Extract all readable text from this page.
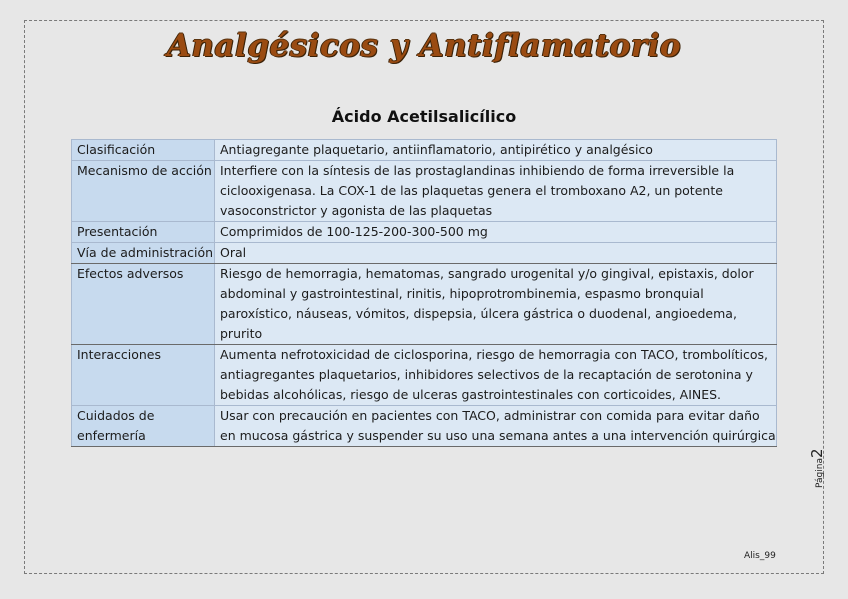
Analgésicos y Antiflamatorio
Ácido Acetilsalicílico
Clasificación	Antiagregante plaquetario, antiinflamatorio, antipirético y analgésico
Mecanismo de acción	Interfiere con la síntesis de las prostaglandinas inhibiendo de forma irreversible la ciclooxigenasa. La COX-1 de las plaquetas genera el tromboxano A2, un potente vasoconstrictor y agonista de las plaquetas
Presentación	Comprimidos de 100-125-200-300-500 mg
Vía de administración	Oral
Efectos adversos	Riesgo de hemorragia, hematomas, sangrado urogenital y/o gingival, epistaxis, dolor abdominal y gastrointestinal, rinitis, hipoprotrombinemia, espasmo bronquial paroxístico, náuseas, vómitos, dispepsia, úlcera gástrica o duodenal, angioedema, prurito
Interacciones	Aumenta nefrotoxicidad de ciclosporina, riesgo de hemorragia con TACO, trombolíticos, antiagregantes plaquetarios, inhibidores selectivos de la recaptación de serotonina y bebidas alcohólicas, riesgo de ulceras gastrointestinales con corticoides, AINES.
Cuidados de enfermería	Usar con precaución en pacientes con TACO, administrar con comida para evitar daño en mucosa gástrica y suspender su uso una semana antes a una intervención quirúrgica
Página2
Alis_99
